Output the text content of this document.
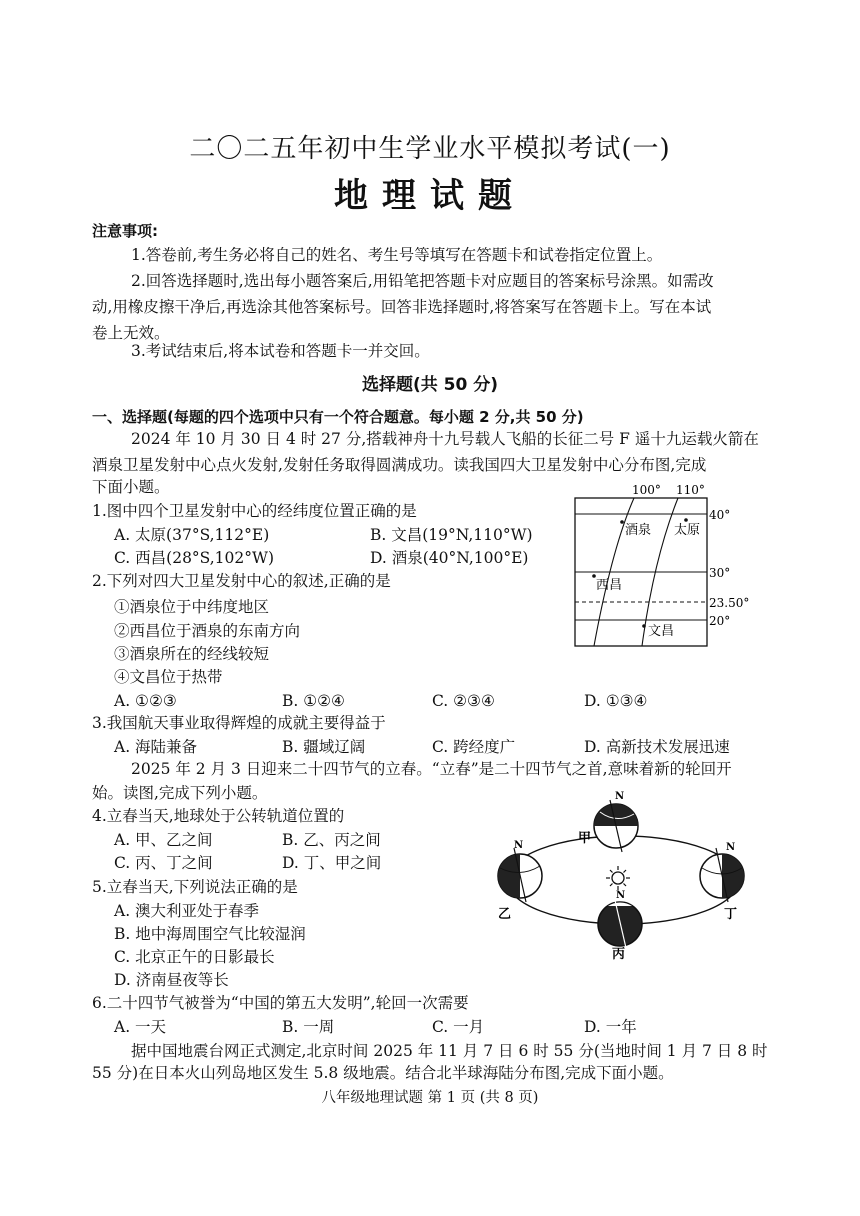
二〇二五年初中生学业水平模拟考试(一)
地理试题
注意事项:
1.答卷前,考生务必将自己的姓名、考生号等填写在答题卡和试卷指定位置上。
2.回答选择题时,选出每小题答案后,用铅笔把答题卡对应题目的答案标号涂黑。如需改
动,用橡皮擦干净后,再选涂其他答案标号。回答非选择题时,将答案写在答题卡上。写在本试
卷上无效。
3.考试结束后,将本试卷和答题卡一并交回。
选择题(共 50 分)
一、选择题(每题的四个选项中只有一个符合题意。每小题 2 分,共 50 分)
2024 年 10 月 30 日 4 时 27 分,搭载神舟十九号载人飞船的长征二号 F 遥十九运载火箭在
酒泉卫星发射中心点火发射,发射任务取得圆满成功。读我国四大卫星发射中心分布图,完成
下面小题。
1.图中四个卫星发射中心的经纬度位置正确的是
A. 太原(37°S,112°E)	B. 文昌(19°N,110°W)
C. 西昌(28°S,102°W)	D. 酒泉(40°N,100°E)
2.下列对四大卫星发射中心的叙述,正确的是
①酒泉位于中纬度地区
②西昌位于酒泉的东南方向
③酒泉所在的经线较短
④文昌位于热带
A. ①②③	B. ①②④	C. ②③④	D. ①③④
3.我国航天事业取得辉煌的成就主要得益于
A. 海陆兼备	B. 疆域辽阔	C. 跨经度广	D. 高新技术发展迅速
2025 年 2 月 3 日迎来二十四节气的立春。“立春”是二十四节气之首,意味着新的轮回开
始。读图,完成下列小题。
4.立春当天,地球处于公转轨道位置的
A. 甲、乙之间	B. 乙、丙之间
C. 丙、丁之间	D. 丁、甲之间
5.立春当天,下列说法正确的是
A. 澳大利亚处于春季
B. 地中海周围空气比较湿润
C. 北京正午的日影最长
D. 济南昼夜等长
6.二十四节气被誉为“中国的第五大发明”,轮回一次需要
A. 一天	B. 一周	C. 一月	D. 一年
据中国地震台网正式测定,北京时间 2025 年 11 月 7 日 6 时 55 分(当地时间 1 月 7 日 8 时
55 分)在日本火山列岛地区发生 5.8 级地震。结合北半球海陆分布图,完成下面小题。
八年级地理试题 第 1 页 (共 8 页)
100° 110°
40°
30°
23.50°
20°
酒泉 太原
西昌
文昌
N
甲
N
乙
N
丙
N
丁
